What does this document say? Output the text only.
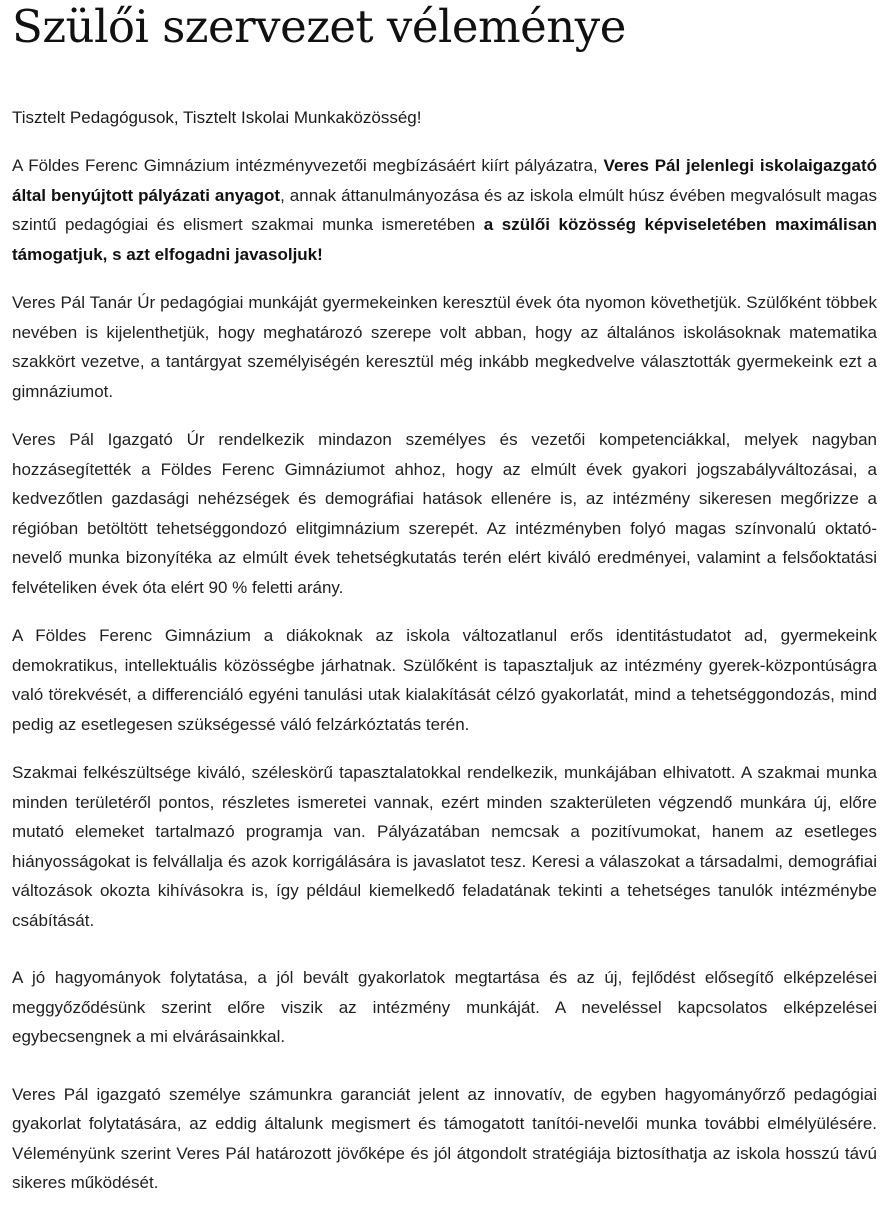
Szülői szervezet véleménye

Tisztelt Pedagógusok, Tisztelt Iskolai Munkaközösség!

A Földes Ferenc Gimnázium intézményvezetői megbízásáért kiírt pályázatra, Veres Pál jelenlegi iskolaigazgató által benyújtott pályázati anyagot, annak áttanulmányozása és az iskola elmúlt húsz évében megvalósult magas szintű pedagógiai és elismert szakmai munka ismeretében a szülői közösség képviseletében maximálisan támogatjuk, s azt elfogadni javasoljuk!

Veres Pál Tanár Úr pedagógiai munkáját gyermekeinken keresztül évek óta nyomon követhetjük. Szülőként többek nevében is kijelenthetjük, hogy meghatározó szerepe volt abban, hogy az általános iskolásoknak matematika szakkört vezetve, a tantárgyat személyiségén keresztül még inkább megkedvelve választották gyermekeink ezt a gimnáziumot.

Veres Pál Igazgató Úr rendelkezik mindazon személyes és vezetői kompetenciákkal, melyek nagyban hozzásegítették a Földes Ferenc Gimnáziumot ahhoz, hogy az elmúlt évek gyakori jogszabályváltozásai, a kedvezőtlen gazdasági nehézségek és demográfiai hatások ellenére is, az intézmény sikeresen megőrizze a régióban betöltött tehetséggondozó elitgimnázium szerepét. Az intézményben folyó magas színvonalú oktató-nevelő munka bizonyítéka az elmúlt évek tehetségkutatás terén elért kiváló eredményei, valamint a felsőoktatási felvételiken évek óta elért 90 % feletti arány.

A Földes Ferenc Gimnázium a diákoknak az iskola változatlanul erős identitástudatot ad, gyermekeink demokratikus, intellektuális közösségbe járhatnak. Szülőként is tapasztaljuk az intézmény gyerek-központúságra való törekvését, a differenciáló egyéni tanulási utak kialakítását célzó gyakorlatát, mind a tehetséggondozás, mind pedig az esetlegesen szükségessé váló felzárkóztatás terén.

Szakmai felkészültsége kiváló, széleskörű tapasztalatokkal rendelkezik, munkájában elhivatott. A szakmai munka minden területéről pontos, részletes ismeretei vannak, ezért minden szakterületen végzendő munkára új, előre mutató elemeket tartalmazó programja van. Pályázatában nemcsak a pozitívumokat, hanem az esetleges hiányosságokat is felvállalja és azok korrigálására is javaslatot tesz. Keresi a válaszokat a társadalmi, demográfiai változások okozta kihívásokra is, így például kiemelkedő feladatának tekinti a tehetséges tanulók intézménybe csábítását.

A jó hagyományok folytatása, a jól bevált gyakorlatok megtartása és az új, fejlődést elősegítő elképzelései meggyőződésünk szerint előre viszik az intézmény munkáját. A neveléssel kapcsolatos elképzelései egybecsengnek a mi elvárásainkkal.

Veres Pál igazgató személye számunkra garanciát jelent az innovatív, de egyben hagyományőrző pedagógiai gyakorlat folytatására, az eddig általunk megismert és támogatott tanítói-nevelői munka további elmélyülésére. Véleményünk szerint Veres Pál határozott jövőképe és jól átgondolt stratégiája biztosíthatja az iskola hosszú távú sikeres működését.
